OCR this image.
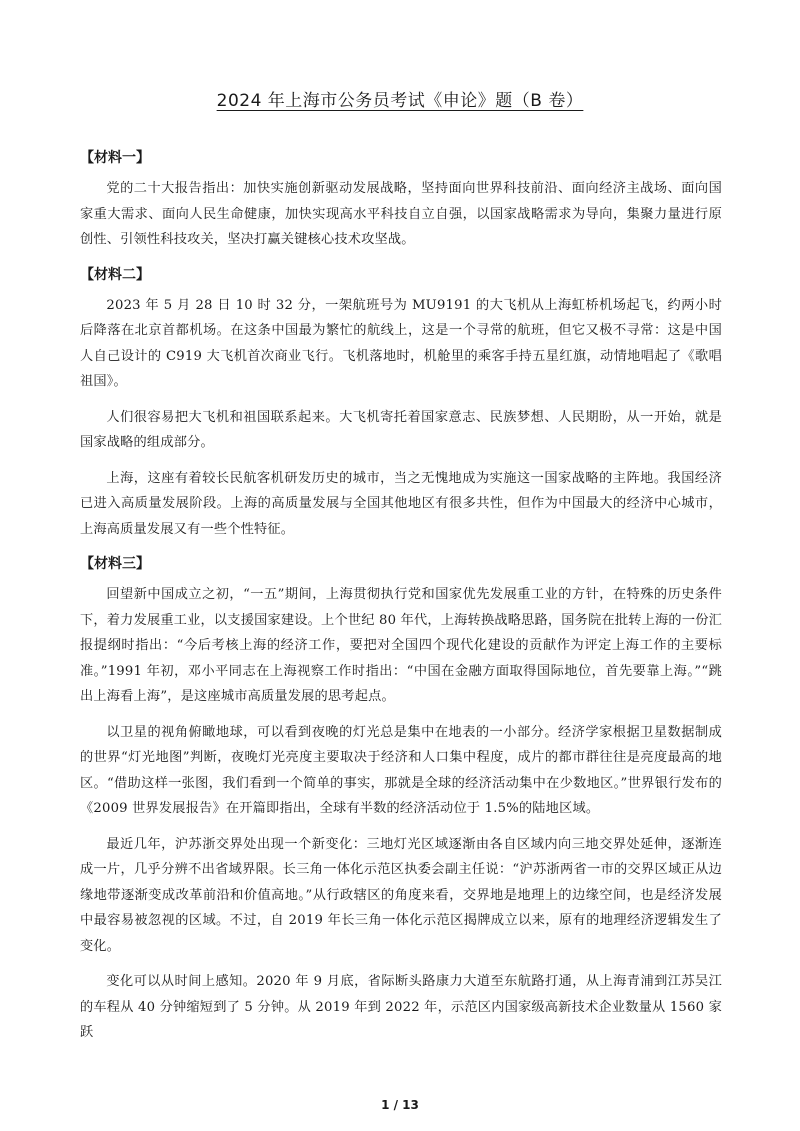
2024 年上海市公务员考试《申论》题（B 卷）
【材料一】

党的二十大报告指出：加快实施创新驱动发展战略，坚持面向世界科技前沿、面向经济主战场、面向国家重大需求、面向人民生命健康，加快实现高水平科技自立自强，以国家战略需求为导向，集聚力量进行原创性、引领性科技攻关，坚决打赢关键核心技术攻坚战。

【材料二】

2023 年 5 月 28 日 10 时 32 分，一架航班号为 MU9191 的大飞机从上海虹桥机场起飞，约两小时后降落在北京首都机场。在这条中国最为繁忙的航线上，这是一个寻常的航班，但它又极不寻常：这是中国人自己设计的 C919 大飞机首次商业飞行。飞机落地时，机舱里的乘客手持五星红旗，动情地唱起了《歌唱祖国》。

人们很容易把大飞机和祖国联系起来。大飞机寄托着国家意志、民族梦想、人民期盼，从一开始，就是国家战略的组成部分。

上海，这座有着较长民航客机研发历史的城市，当之无愧地成为实施这一国家战略的主阵地。我国经济已进入高质量发展阶段。上海的高质量发展与全国其他地区有很多共性，但作为中国最大的经济中心城市，上海高质量发展又有一些个性特征。

【材料三】

回望新中国成立之初，“一五”期间，上海贯彻执行党和国家优先发展重工业的方针，在特殊的历史条件下，着力发展重工业，以支援国家建设。上个世纪 80 年代，上海转换战略思路，国务院在批转上海的一份汇报提纲时指出：“今后考核上海的经济工作，要把对全国四个现代化建设的贡献作为评定上海工作的主要标准。”1991 年初，邓小平同志在上海视察工作时指出：“中国在金融方面取得国际地位，首先要靠上海。”“跳出上海看上海”，是这座城市高质量发展的思考起点。

以卫星的视角俯瞰地球，可以看到夜晚的灯光总是集中在地表的一小部分。经济学家根据卫星数据制成的世界“灯光地图”判断，夜晚灯光亮度主要取决于经济和人口集中程度，成片的都市群往往是亮度最高的地区。“借助这样一张图，我们看到一个简单的事实，那就是全球的经济活动集中在少数地区。”世界银行发布的《2009 世界发展报告》在开篇即指出，全球有半数的经济活动位于 1.5%的陆地区域。

最近几年，沪苏浙交界处出现一个新变化：三地灯光区域逐渐由各自区域内向三地交界处延伸，逐渐连成一片，几乎分辨不出省域界限。长三角一体化示范区执委会副主任说：“沪苏浙两省一市的交界区域正从边缘地带逐渐变成改革前沿和价值高地。”从行政辖区的角度来看，交界地是地理上的边缘空间，也是经济发展中最容易被忽视的区域。不过，自 2019 年长三角一体化示范区揭牌成立以来，原有的地理经济逻辑发生了变化。

变化可以从时间上感知。2020 年 9 月底，省际断头路康力大道至东航路打通，从上海青浦到江苏吴江的车程从 40 分钟缩短到了 5 分钟。从 2019 年到 2022 年，示范区内国家级高新技术企业数量从 1560 家跃

1 / 13
